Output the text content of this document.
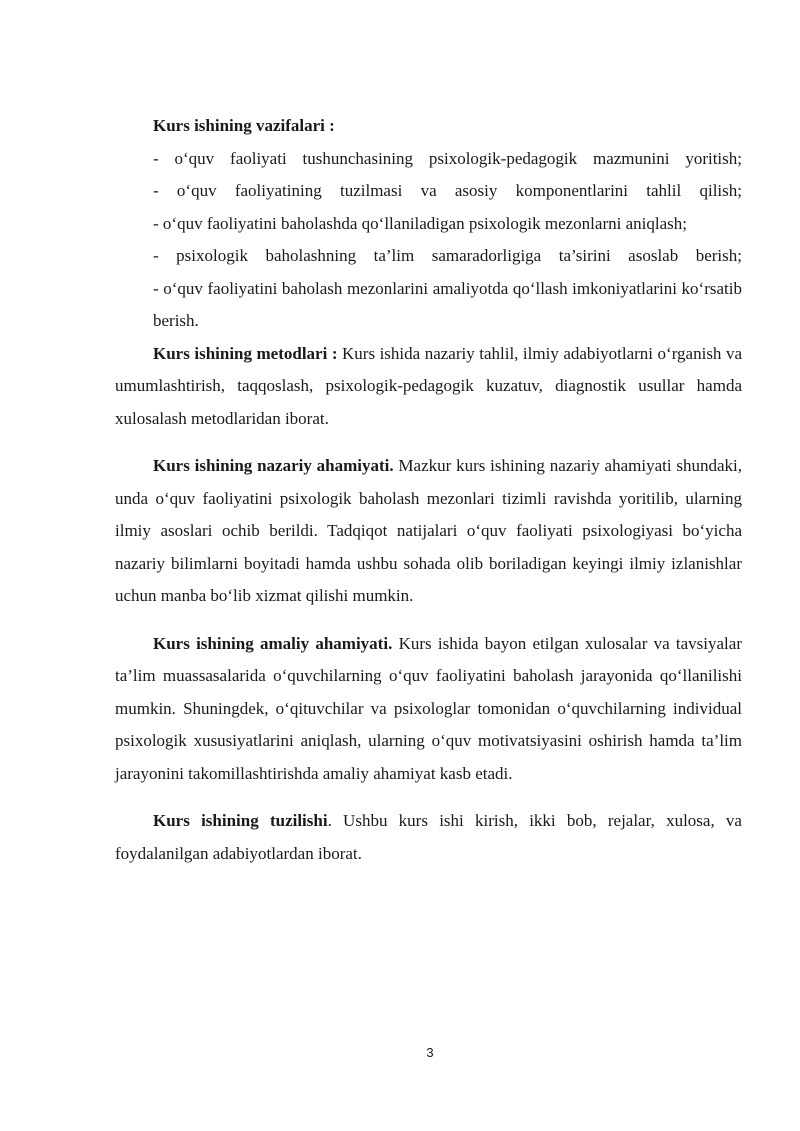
Kurs ishining vazifalari :

- o‘quv faoliyati tushunchasining psixologik-pedagogik mazmunini yoritish;

- o‘quv faoliyatining tuzilmasi va asosiy komponentlarini tahlil qilish;

- o‘quv faoliyatini baholashda qo‘llaniladigan psixologik mezonlarni aniqlash;

- psixologik baholashning ta’lim samaradorligiga ta’sirini asoslab berish;

- o‘quv faoliyatini baholash mezonlarini amaliyotda qo‘llash imkoniyatlarini ko‘rsatib berish.

Kurs ishining metodlari : Kurs ishida nazariy tahlil, ilmiy adabiyotlarni o‘rganish va umumlashtirish, taqqoslash, psixologik-pedagogik kuzatuv, diagnostik usullar hamda xulosalash metodlaridan iborat.

Kurs ishining nazariy ahamiyati. Mazkur kurs ishining nazariy ahamiyati shundaki, unda o‘quv faoliyatini psixologik baholash mezonlari tizimli ravishda yoritilib, ularning ilmiy asoslari ochib berildi. Tadqiqot natijalari o‘quv faoliyati psixologiyasi bo‘yicha nazariy bilimlarni boyitadi hamda ushbu sohada olib boriladigan keyingi ilmiy izlanishlar uchun manba bo‘lib xizmat qilishi mumkin.

Kurs ishining amaliy ahamiyati. Kurs ishida bayon etilgan xulosalar va tavsiyalar ta’lim muassasalarida o‘quvchilarning o‘quv faoliyatini baholash jarayonida qo‘llanilishi mumkin. Shuningdek, o‘qituvchilar va psixologlar tomonidan o‘quvchilarning individual psixologik xususiyatlarini aniqlash, ularning o‘quv motivatsiyasini oshirish hamda ta’lim jarayonini takomillashtirishda amaliy ahamiyat kasb etadi.

Kurs ishining tuzilishi. Ushbu kurs ishi kirish, ikki bob, rejalar, xulosa, va foydalanilgan adabiyotlardan iborat.

3
